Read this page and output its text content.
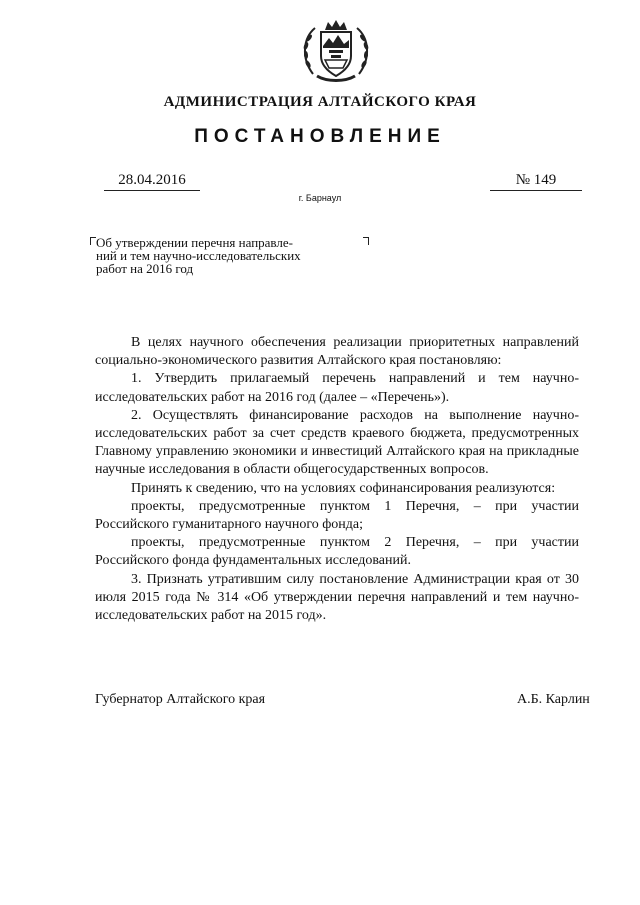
АДМИНИСТРАЦИЯ АЛТАЙСКОГО КРАЯ
ПОСТАНОВЛЕНИЕ
28.04.2016	№ 149
г. Барнаул
Об утверждении перечня направле-
ний и тем научно-исследовательских
работ на 2016 год

В целях научного обеспечения реализации приоритетных направлений социально-экономического развития Алтайского края постановляю:

1. Утвердить прилагаемый перечень направлений и тем научно-исследовательских работ на 2016 год (далее – «Перечень»).

2. Осуществлять финансирование расходов на выполнение научно-исследовательских работ за счет средств краевого бюджета, предусмотренных Главному управлению экономики и инвестиций Алтайского края на прикладные научные исследования в области общегосударственных вопросов.

Принять к сведению, что на условиях софинансирования реализуются:

проекты, предусмотренные пунктом 1 Перечня, – при участии Российского гуманитарного научного фонда;

проекты, предусмотренные пунктом 2 Перечня, – при участии Российского фонда фундаментальных исследований.

3. Признать утратившим силу постановление Администрации края от 30 июля 2015 года № 314 «Об утверждении перечня направлений и тем научно-исследовательских работ на 2015 год».

Губернатор Алтайского края	А.Б. Карлин
